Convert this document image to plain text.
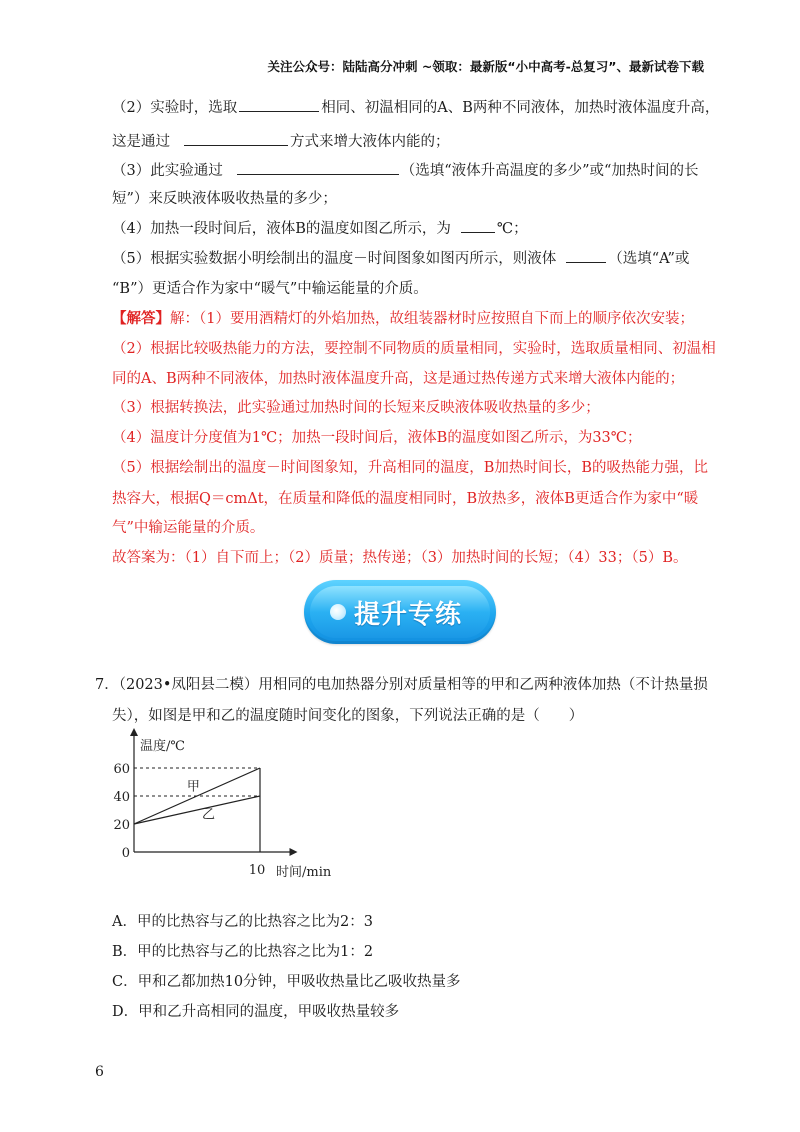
关注公众号：陆陆高分冲刺 ~领取：最新版“小中高考-总复习”、最新试卷下载
（2）实验时，选取	相同、初温相同的A、B两种不同液体，加热时液体温度升高，
这是通过	方式来增大液体内能的；
（3）此实验通过	（选填“液体升高温度的多少”或“加热时间的长
短”）来反映液体吸收热量的多少；
（4）加热一段时间后，液体B的温度如图乙所示，为	℃；
（5）根据实验数据小明绘制出的温度－时间图象如图丙所示，则液体	（选填“A”或
“B”）更适合作为家中“暖气”中输运能量的介质。
【解答】解：（1）要用酒精灯的外焰加热，故组装器材时应按照自下而上的顺序依次安装；
（2）根据比较吸热能力的方法，要控制不同物质的质量相同，实验时，选取质量相同、初温相
同的A、B两种不同液体，加热时液体温度升高，这是通过热传递方式来增大液体内能的；
（3）根据转换法，此实验通过加热时间的长短来反映液体吸收热量的多少；
（4）温度计分度值为1℃；加热一段时间后，液体B的温度如图乙所示，为33℃；
（5）根据绘制出的温度－时间图象知，升高相同的温度，B加热时间长，B的吸热能力强，比
热容大，根据Q＝cmΔt，在质量和降低的温度相同时，B放热多，液体B更适合作为家中“暖
气”中输运能量的介质。
故答案为：（1）自下而上；（2）质量；热传递；（3）加热时间的长短；（4）33；（5）B。
提升专练
7．（2023•凤阳县二模）用相同的电加热器分别对质量相等的甲和乙两种液体加热（不计热量损
失），如图是甲和乙的温度随时间变化的图象，下列说法正确的是（　　）
0
20
40
60
甲
乙
10
温度/℃
时间/min
A．甲的比热容与乙的比热容之比为2：3
B．甲的比热容与乙的比热容之比为1：2
C．甲和乙都加热10分钟，甲吸收热量比乙吸收热量多
D．甲和乙升高相同的温度，甲吸收热量较多
6
